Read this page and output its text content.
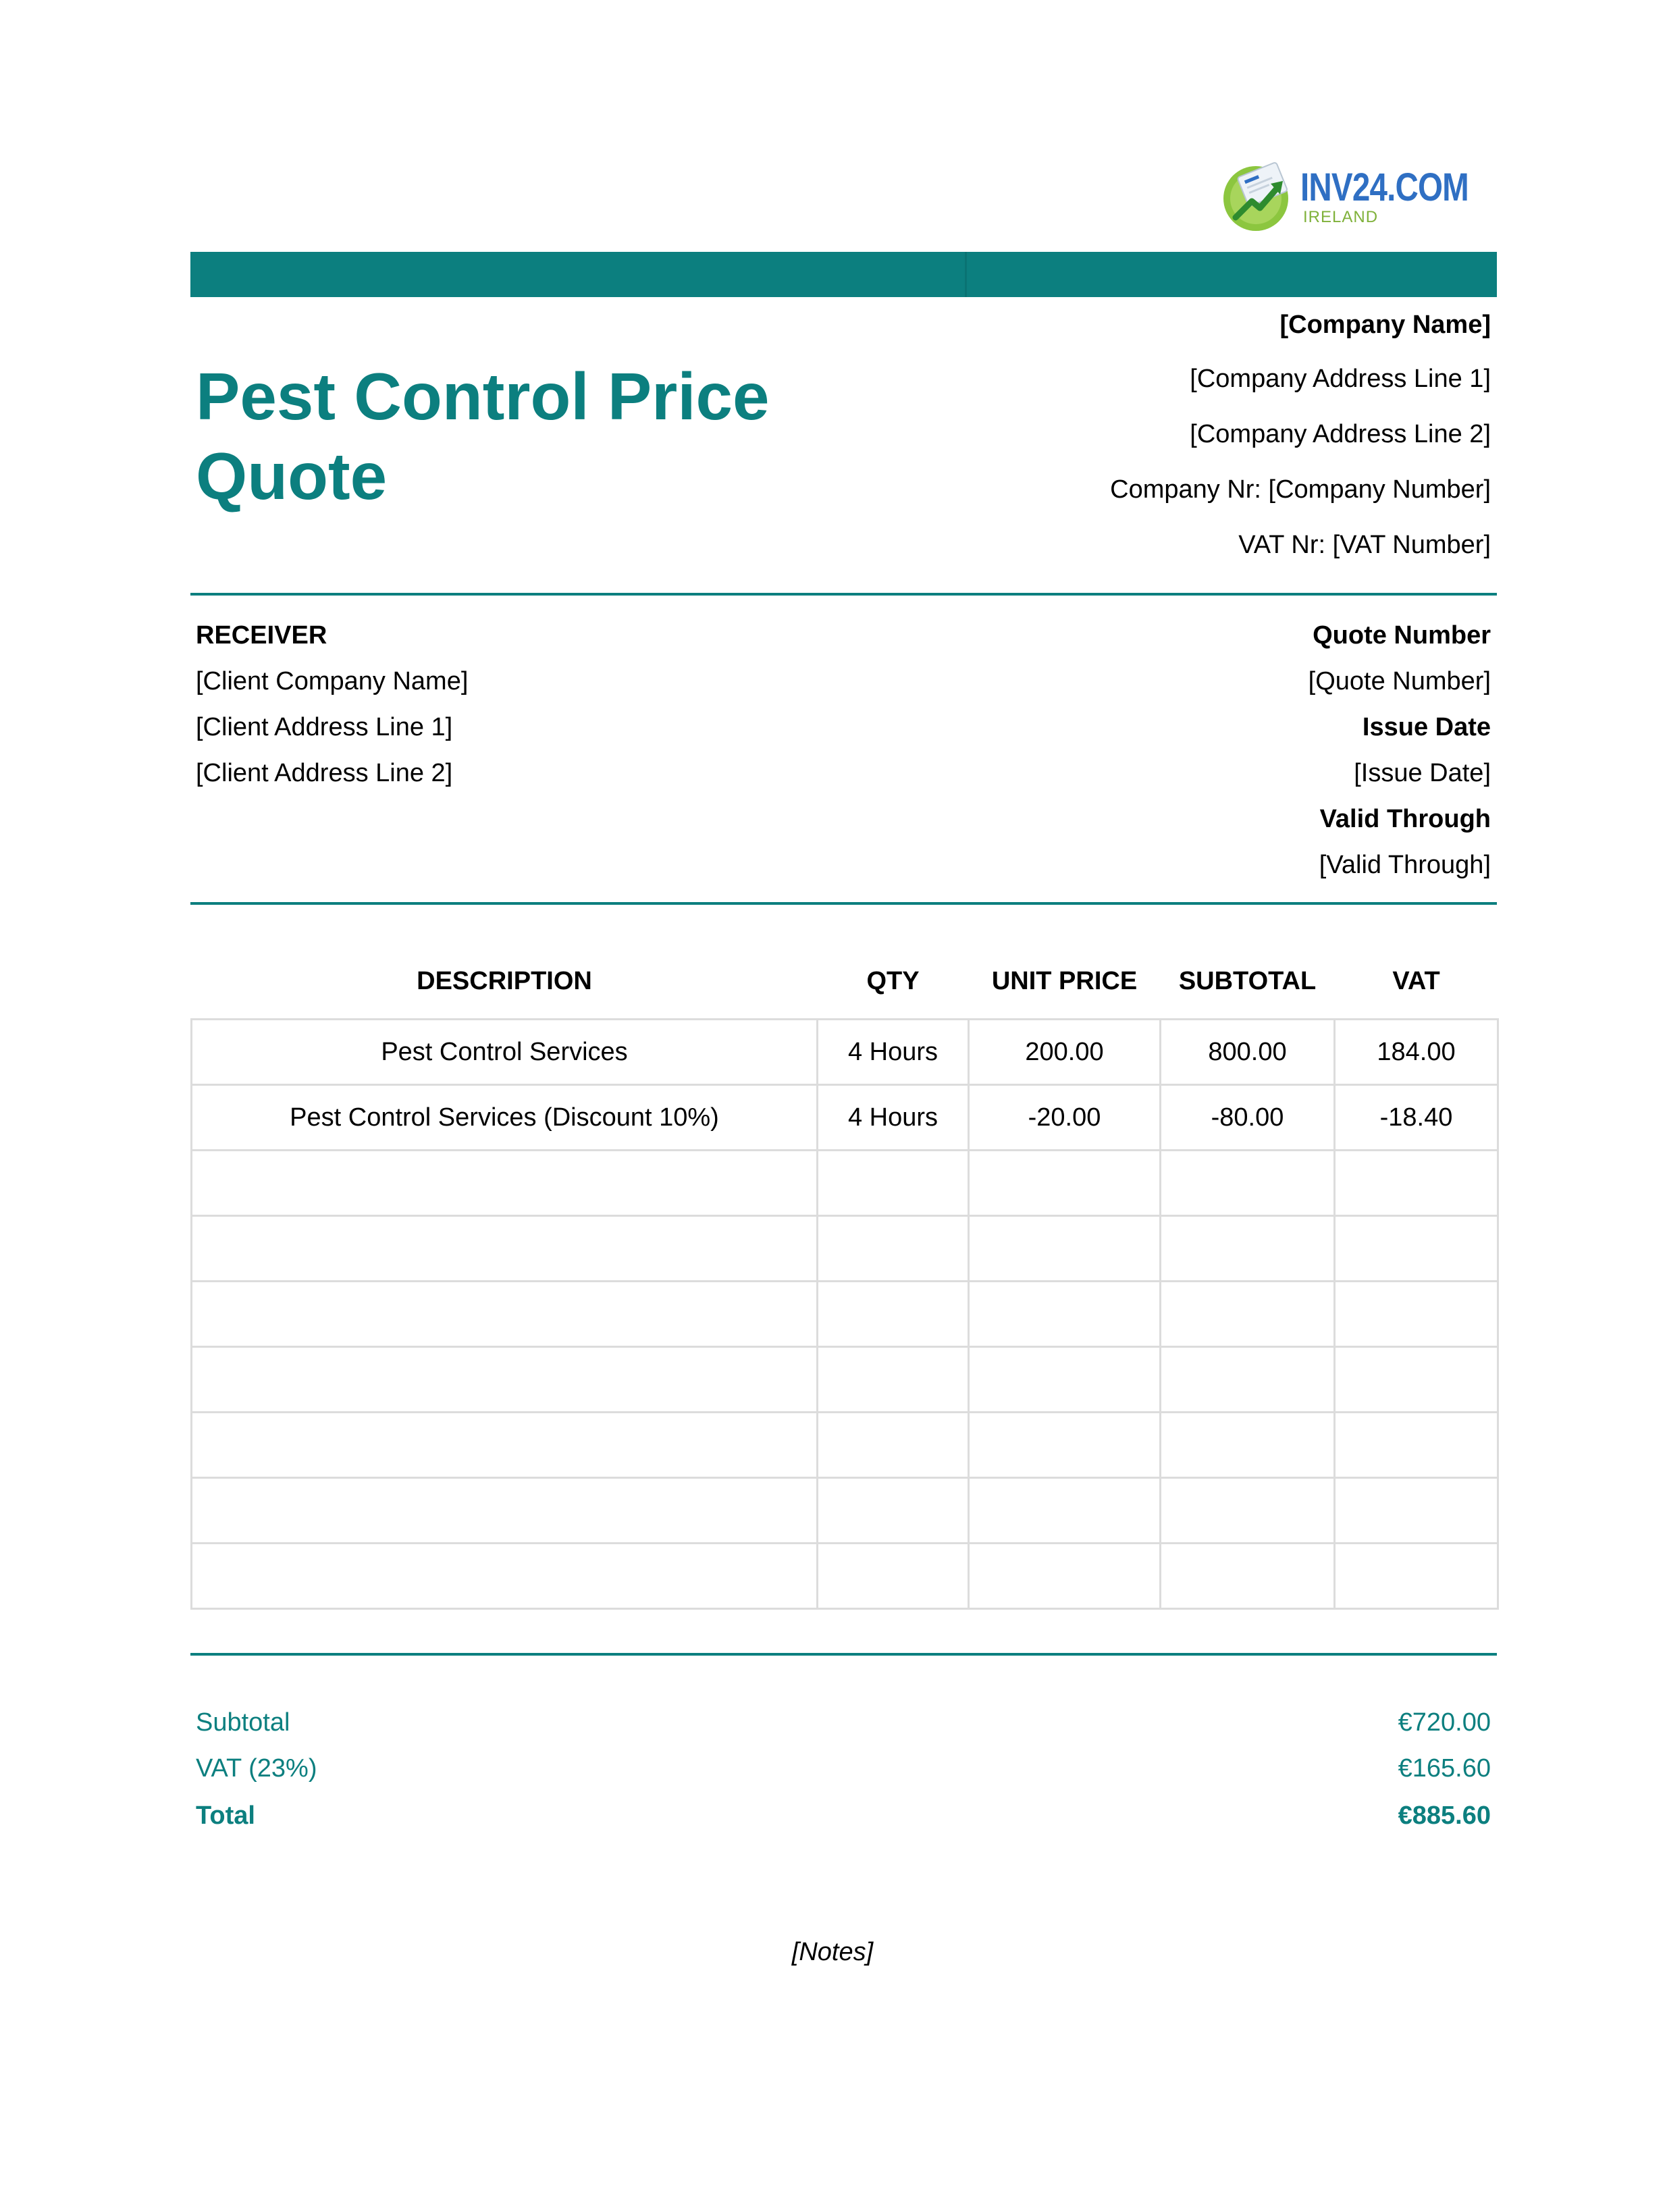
INV24.COM
IRELAND
Pest Control Price Quote
[Company Name]
[Company Address Line 1]
[Company Address Line 2]
Company Nr: [Company Number]
VAT Nr: [VAT Number]
RECEIVER
[Client Company Name]
[Client Address Line 1]
[Client Address Line 2]
Quote Number
[Quote Number]
Issue Date
[Issue Date]
Valid Through
[Valid Through]
DESCRIPTION	QTY	UNIT PRICE	SUBTOTAL	VAT
Pest Control Services	4 Hours	200.00	800.00	184.00
Pest Control Services (Discount 10%)	4 Hours	-20.00	-80.00	-18.40

Subtotal	€720.00
VAT (23%)	€165.60
Total	€885.60
[Notes]
